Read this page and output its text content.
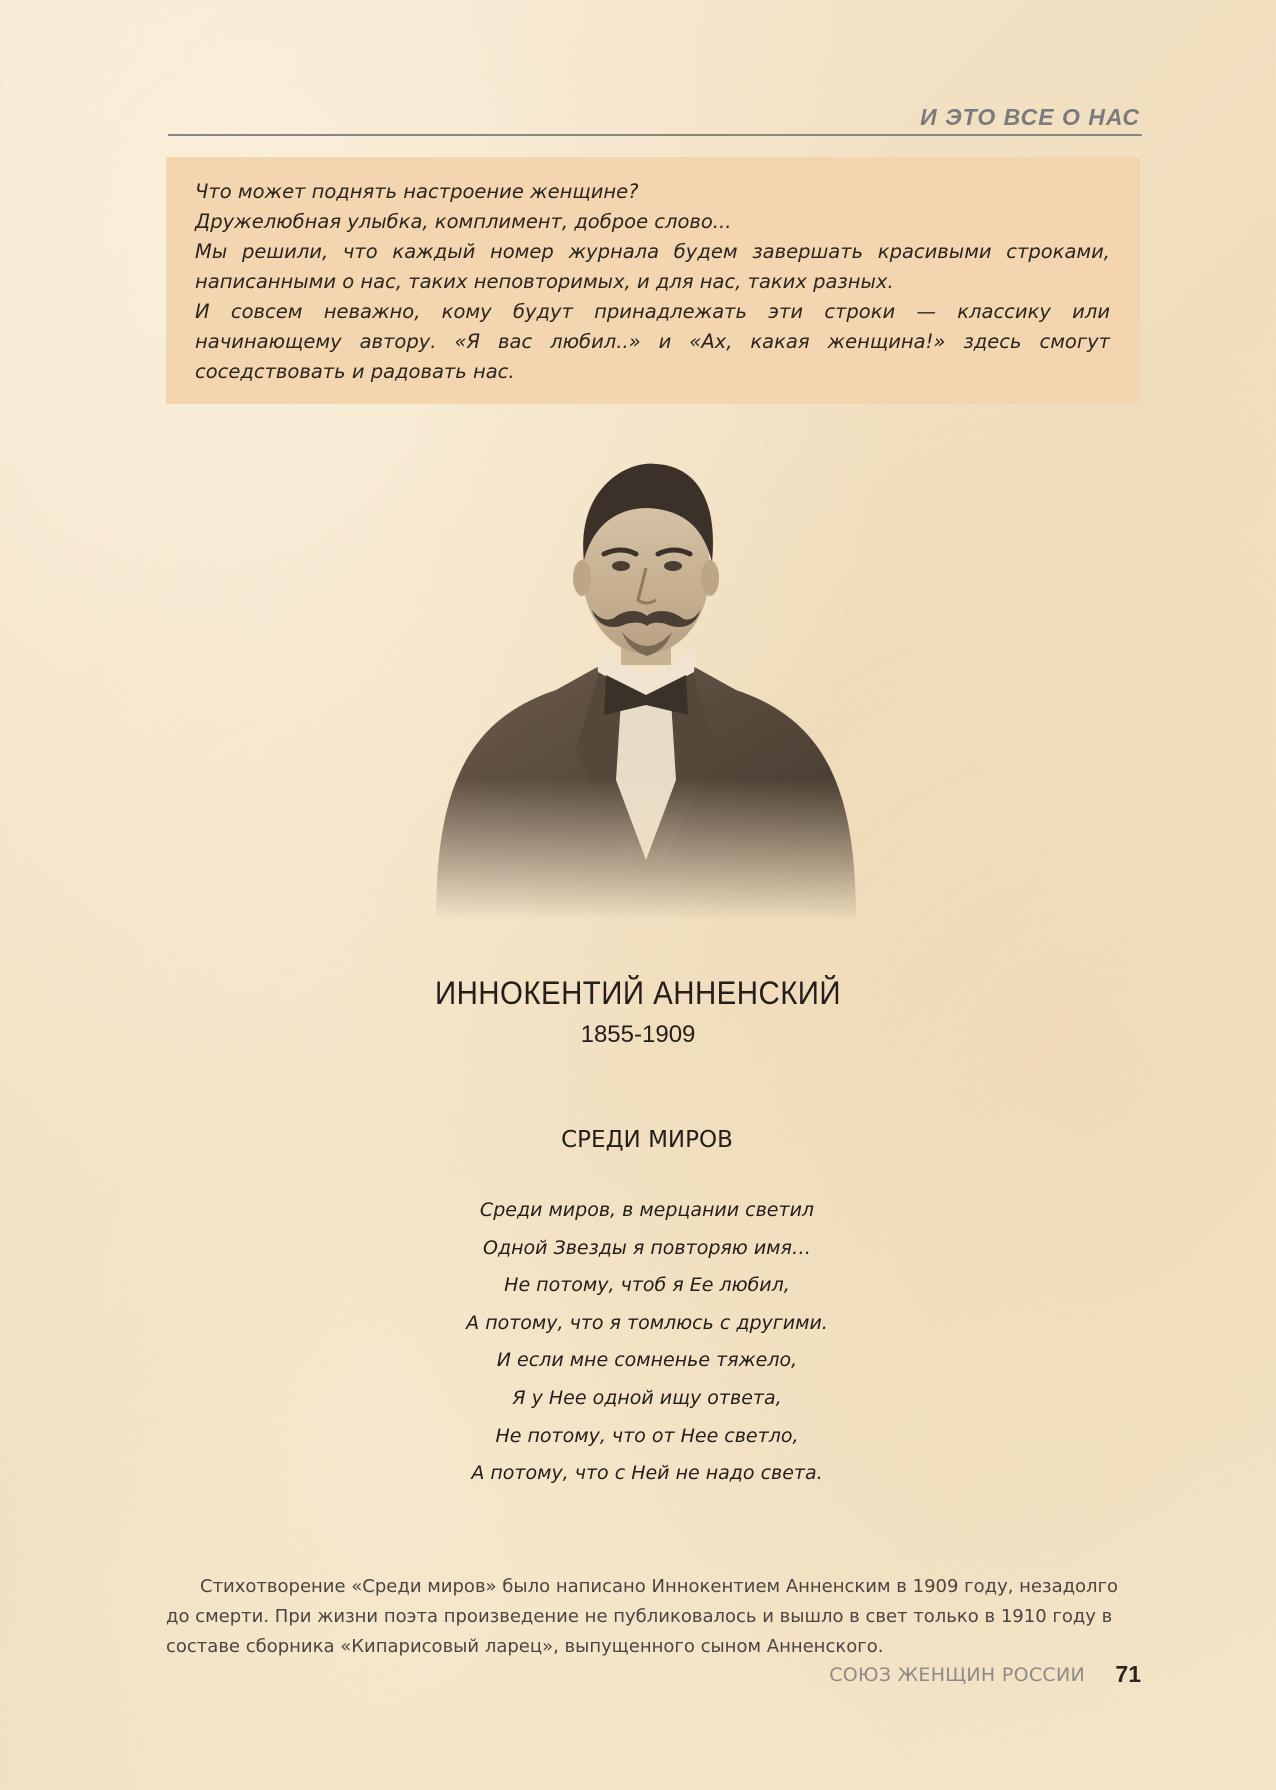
И ЭТО ВСЕ О НАС

Что может поднять настроение женщине?

Дружелюбная улыбка, комплимент, доброе слово...

Мы решили, что каждый номер журнала будем завершать красивыми строками,

написанными о нас, таких неповторимых, и для нас, таких разных.

И совсем неважно, кому будут принадлежать эти строки — классику или

начинающему автору. «Я вас любил..» и «Ах, какая женщина!» здесь смогут

соседствовать и радовать нас.

ИННОКЕНТИЙ АННЕНСКИЙ
1855-1909
СРЕДИ МИРОВ
Среди миров, в мерцании светил
Одной Звезды я повторяю имя…
Не потому, чтоб я Ее любил,
А потому, что я томлюсь с другими.
И если мне сомненье тяжело,
Я у Нее одной ищу ответа,
Не потому, что от Нее светло,
А потому, что с Ней не надо света.

Стихотворение «Среди миров» было написано Иннокентием Анненским в 1909 году, незадолго до смерти. При жизни поэта произведение не публиковалось и вышло в свет только в 1910 году в составе сборника «Кипарисовый ларец», выпущенного сыном Анненского.

СОЮЗ ЖЕНЩИН РОССИИ 71
